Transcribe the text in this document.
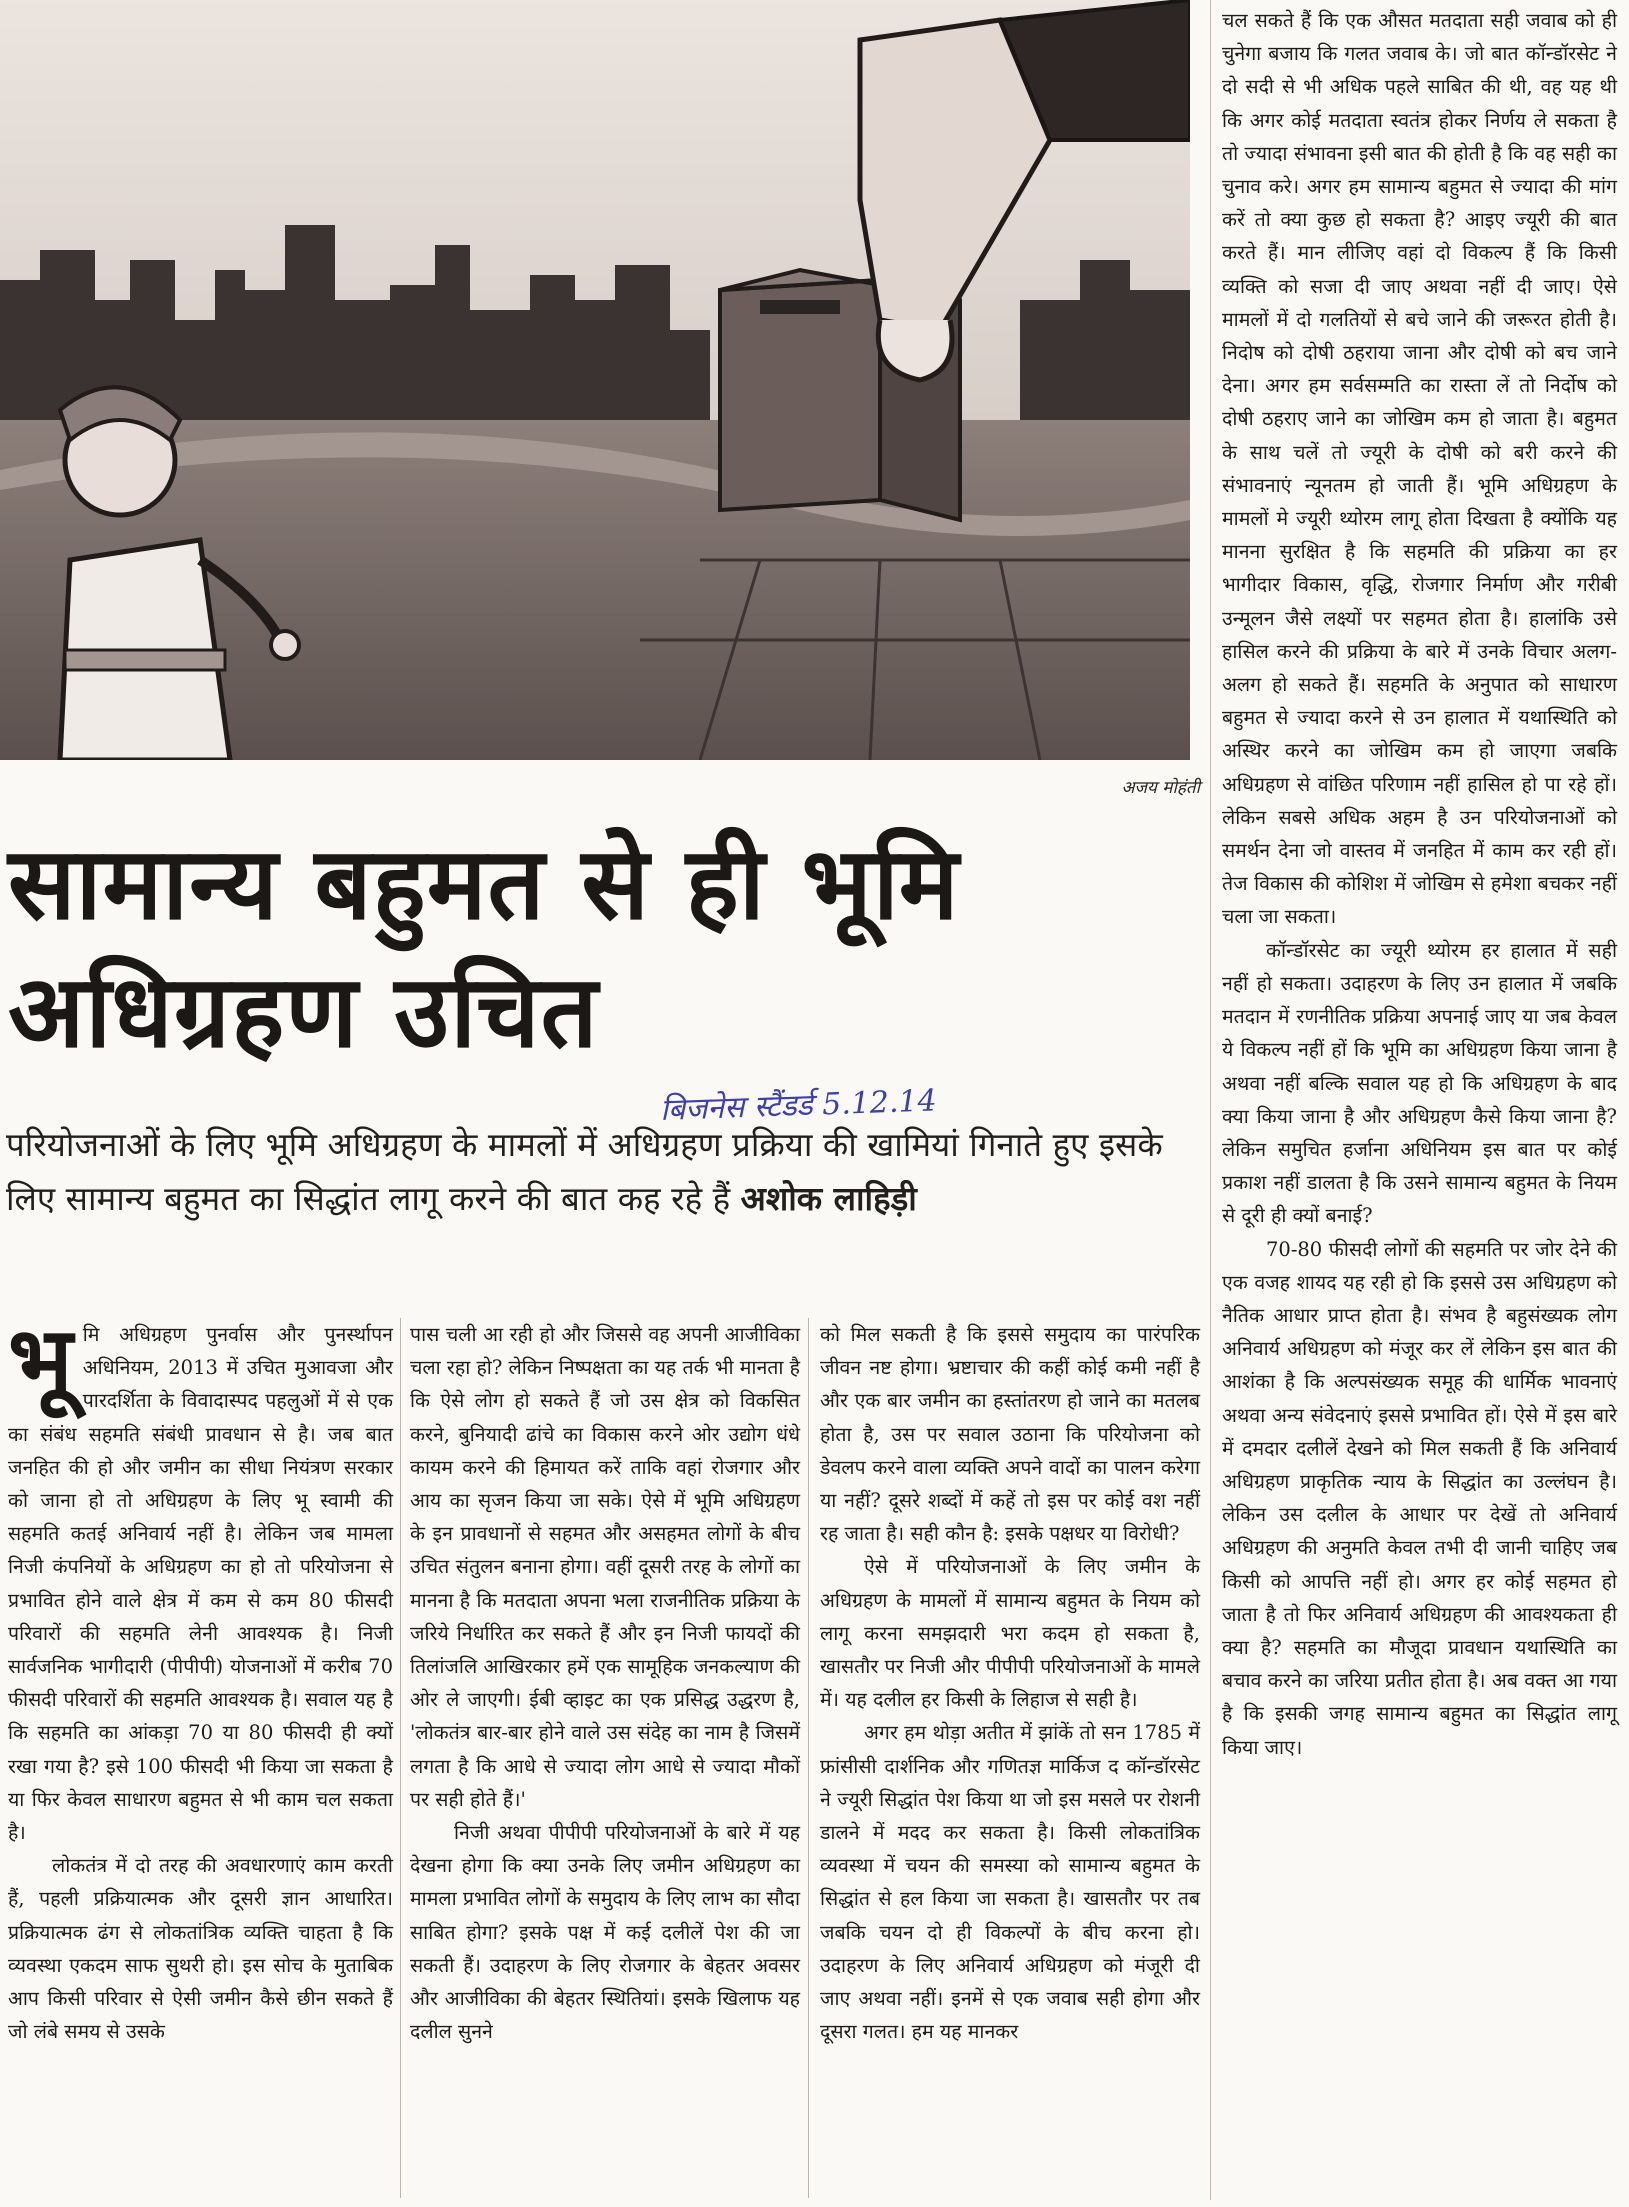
अजय मोहंती
सामान्य बहुमत से ही भूमि
अधिग्रहण उचित
बिजनेस स्टैंडर्ड 5.12.14
परियोजनाओं के लिए भूमि अधिग्रहण के मामलों में अधिग्रहण प्रक्रिया की खामियां गिनाते हुए इसके लिए सामान्य बहुमत का सिद्धांत लागू करने की बात कह रहे हैं अशोक लाहिड़ी

भूमि अधिग्रहण पुनर्वास और पुनर्स्थापन अधिनियम, 2013 में उचित मुआवजा और पारदर्शिता के विवादास्पद पहलुओं में से एक का संबंध सहमति संबंधी प्रावधान से है। जब बात जनहित की हो और जमीन का सीधा नियंत्रण सरकार को जाना हो तो अधिग्रहण के लिए भू स्वामी की सहमति कतई अनिवार्य नहीं है। लेकिन जब मामला निजी कंपनियों के अधिग्रहण का हो तो परियोजना से प्रभावित होने वाले क्षेत्र में कम से कम 80 फीसदी परिवारों की सहमति लेनी आवश्यक है। निजी सार्वजनिक भागीदारी (पीपीपी) योजनाओं में करीब 70 फीसदी परिवारों की सहमति आवश्यक है। सवाल यह है कि सहमति का आंकड़ा 70 या 80 फीसदी ही क्यों रखा गया है? इसे 100 फीसदी भी किया जा सकता है या फिर केवल साधारण बहुमत से भी काम चल सकता है।

लोकतंत्र में दो तरह की अवधारणाएं काम करती हैं, पहली प्रक्रियात्मक और दूसरी ज्ञान आधारित। प्रक्रियात्मक ढंग से लोकतांत्रिक व्यक्ति चाहता है कि व्यवस्था एकदम साफ सुथरी हो। इस सोच के मुताबिक आप किसी परिवार से ऐसी जमीन कैसे छीन सकते हैं जो लंबे समय से उसके

पास चली आ रही हो और जिससे वह अपनी आजीविका चला रहा हो? लेकिन निष्पक्षता का यह तर्क भी मानता है कि ऐसे लोग हो सकते हैं जो उस क्षेत्र को विकसित करने, बुनियादी ढांचे का विकास करने ओर उद्योग धंधे कायम करने की हिमायत करें ताकि वहां रोजगार और आय का सृजन किया जा सके। ऐसे में भूमि अधिग्रहण के इन प्रावधानों से सहमत और असहमत लोगों के बीच उचित संतुलन बनाना होगा। वहीं दूसरी तरह के लोगों का मानना है कि मतदाता अपना भला राजनीतिक प्रक्रिया के जरिये निर्धारित कर सकते हैं और इन निजी फायदों की तिलांजलि आखिरकार हमें एक सामूहिक जनकल्याण की ओर ले जाएगी। ईबी व्हाइट का एक प्रसिद्ध उद्धरण है, 'लोकतंत्र बार-बार होने वाले उस संदेह का नाम है जिसमें लगता है कि आधे से ज्यादा लोग आधे से ज्यादा मौकों पर सही होते हैं।'

निजी अथवा पीपीपी परियोजनाओं के बारे में यह देखना होगा कि क्या उनके लिए जमीन अधिग्रहण का मामला प्रभावित लोगों के समुदाय के लिए लाभ का सौदा साबित होगा? इसके पक्ष में कई दलीलें पेश की जा सकती हैं। उदाहरण के लिए रोजगार के बेहतर अवसर और आजीविका की बेहतर स्थितियां। इसके खिलाफ यह दलील सुनने

को मिल सकती है कि इससे समुदाय का पारंपरिक जीवन नष्ट होगा। भ्रष्टाचार की कहीं कोई कमी नहीं है और एक बार जमीन का हस्तांतरण हो जाने का मतलब होता है, उस पर सवाल उठाना कि परियोजना को डेवलप करने वाला व्यक्ति अपने वादों का पालन करेगा या नहीं? दूसरे शब्दों में कहें तो इस पर कोई वश नहीं रह जाता है। सही कौन है: इसके पक्षधर या विरोधी?

ऐसे में परियोजनाओं के लिए जमीन के अधिग्रहण के मामलों में सामान्य बहुमत के नियम को लागू करना समझदारी भरा कदम हो सकता है, खासतौर पर निजी और पीपीपी परियोजनाओं के मामले में। यह दलील हर किसी के लिहाज से सही है।

अगर हम थोड़ा अतीत में झांकें तो सन 1785 में फ्रांसीसी दार्शनिक और गणितज्ञ मार्किज द कॉन्डॉरसेट ने ज्यूरी सिद्धांत पेश किया था जो इस मसले पर रोशनी डालने में मदद कर सकता है। किसी लोकतांत्रिक व्यवस्था में चयन की समस्या को सामान्य बहुमत के सिद्धांत से हल किया जा सकता है। खासतौर पर तब जबकि चयन दो ही विकल्पों के बीच करना हो। उदाहरण के लिए अनिवार्य अधिग्रहण को मंजूरी दी जाए अथवा नहीं। इनमें से एक जवाब सही होगा और दूसरा गलत। हम यह मानकर

चल सकते हैं कि एक औसत मतदाता सही जवाब को ही चुनेगा बजाय कि गलत जवाब के। जो बात कॉन्डॉरसेट ने दो सदी से भी अधिक पहले साबित की थी, वह यह थी कि अगर कोई मतदाता स्वतंत्र होकर निर्णय ले सकता है तो ज्यादा संभावना इसी बात की होती है कि वह सही का चुनाव करे। अगर हम सामान्य बहुमत से ज्यादा की मांग करें तो क्या कुछ हो सकता है? आइए ज्यूरी की बात करते हैं। मान लीजिए वहां दो विकल्प हैं कि किसी व्यक्ति को सजा दी जाए अथवा नहीं दी जाए। ऐसे मामलों में दो गलतियों से बचे जाने की जरूरत होती है। निदोष को दोषी ठहराया जाना और दोषी को बच जाने देना। अगर हम सर्वसम्मति का रास्ता लें तो निर्दोष को दोषी ठहराए जाने का जोखिम कम हो जाता है। बहुमत के साथ चलें तो ज्यूरी के दोषी को बरी करने की संभावनाएं न्यूनतम हो जाती हैं। भूमि अधिग्रहण के मामलों मे ज्यूरी थ्योरम लागू होता दिखता है क्योंकि यह मानना सुरक्षित है कि सहमति की प्रक्रिया का हर भागीदार विकास, वृद्धि, रोजगार निर्माण और गरीबी उन्मूलन जैसे लक्ष्यों पर सहमत होता है। हालांकि उसे हासिल करने की प्रक्रिया के बारे में उनके विचार अलग-अलग हो सकते हैं। सहमति के अनुपात को साधारण बहुमत से ज्यादा करने से उन हालात में यथास्थिति को अस्थिर करने का जोखिम कम हो जाएगा जबकि अधिग्रहण से वांछित परिणाम नहीं हासिल हो पा रहे हों। लेकिन सबसे अधिक अहम है उन परियोजनाओं को समर्थन देना जो वास्तव में जनहित में काम कर रही हों। तेज विकास की कोशिश में जोखिम से हमेशा बचकर नहीं चला जा सकता।

कॉन्डॉरसेट का ज्यूरी थ्योरम हर हालात में सही नहीं हो सकता। उदाहरण के लिए उन हालात में जबकि मतदान में रणनीतिक प्रक्रिया अपनाई जाए या जब केवल ये विकल्प नहीं हों कि भूमि का अधिग्रहण किया जाना है अथवा नहीं बल्कि सवाल यह हो कि अधिग्रहण के बाद क्या किया जाना है और अधिग्रहण कैसे किया जाना है? लेकिन समुचित हर्जाना अधिनियम इस बात पर कोई प्रकाश नहीं डालता है कि उसने सामान्य बहुमत के नियम से दूरी ही क्यों बनाई?

70-80 फीसदी लोगों की सहमति पर जोर देने की एक वजह शायद यह रही हो कि इससे उस अधिग्रहण को नैतिक आधार प्राप्त होता है। संभव है बहुसंख्यक लोग अनिवार्य अधिग्रहण को मंजूर कर लें लेकिन इस बात की आशंका है कि अल्पसंख्यक समूह की धार्मिक भावनाएं अथवा अन्य संवेदनाएं इससे प्रभावित हों। ऐसे में इस बारे में दमदार दलीलें देखने को मिल सकती हैं कि अनिवार्य अधिग्रहण प्राकृतिक न्याय के सिद्धांत का उल्लंघन है। लेकिन उस दलील के आधार पर देखें तो अनिवार्य अधिग्रहण की अनुमति केवल तभी दी जानी चाहिए जब किसी को आपत्ति नहीं हो। अगर हर कोई सहमत हो जाता है तो फिर अनिवार्य अधिग्रहण की आवश्यकता ही क्या है? सहमति का मौजूदा प्रावधान यथास्थिति का बचाव करने का जरिया प्रतीत होता है। अब वक्त आ गया है कि इसकी जगह सामान्य बहुमत का सिद्धांत लागू किया जाए।
